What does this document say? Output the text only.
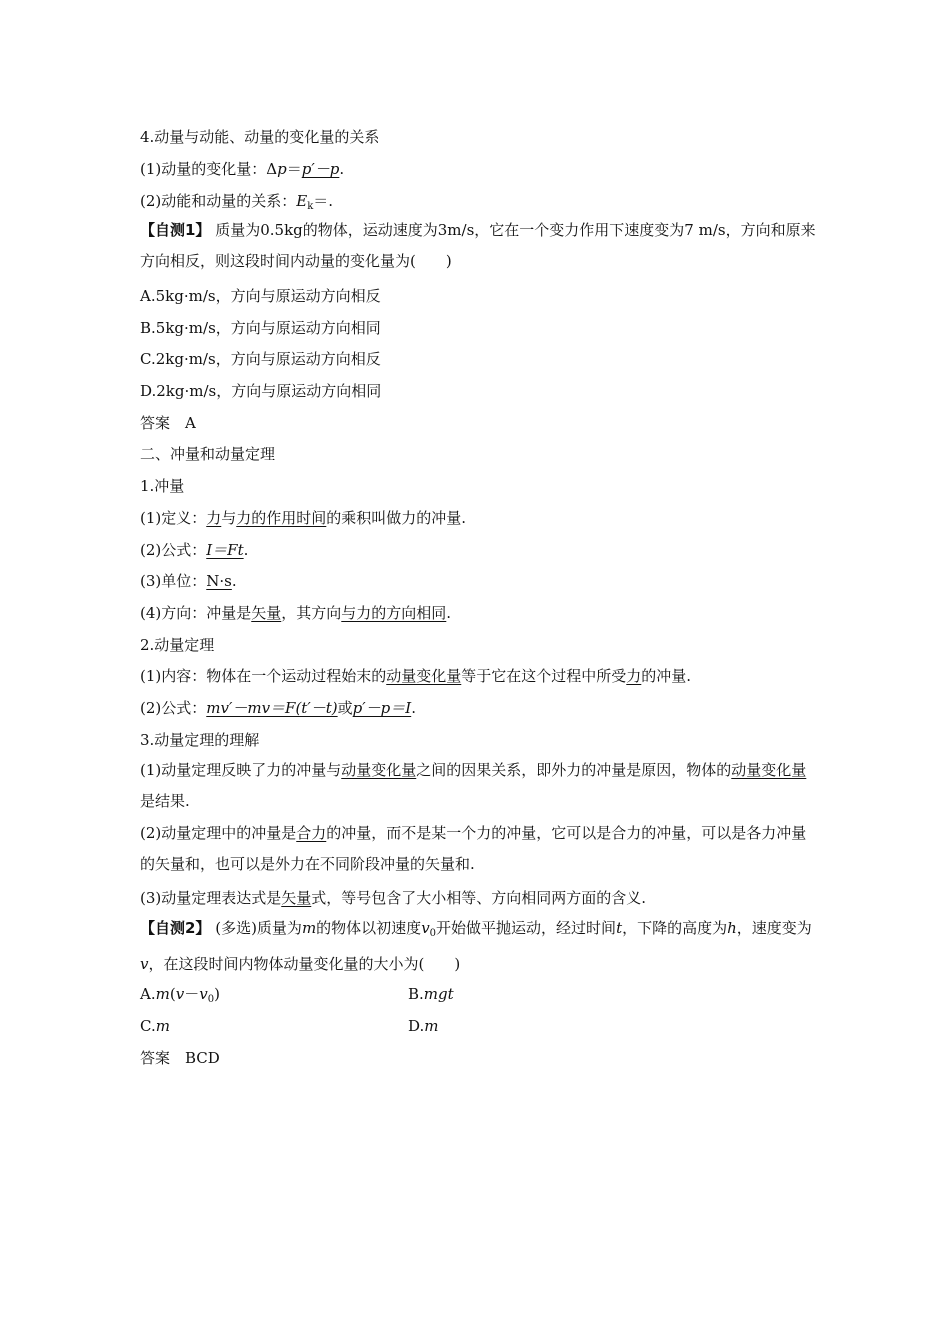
4.动量与动能、动量的变化量的关系
(1)动量的变化量：Δp＝p′－p.
(2)动能和动量的关系：$E_k=$.
【自测1】 质量为0.5kg的物体，运动速度为3m/s，它在一个变力作用下速度变为7 m/s，方向和原来方向相反，则这段时间内动量的变化量为(　　)
A.5kg·m/s，方向与原运动方向相反
B.5kg·m/s，方向与原运动方向相同
C.2kg·m/s，方向与原运动方向相反
D.2kg·m/s，方向与原运动方向相同
答案　A
二、冲量和动量定理
1.冲量
(1)定义：力与力的作用时间的乘积叫做力的冲量.
(2)公式：I＝Ft.
(3)单位：N·s.
(4)方向：冲量是矢量，其方向与力的方向相同.
2.动量定理
(1)内容：物体在一个运动过程始末的动量变化量等于它在这个过程中所受力的冲量.
(2)公式：mv′－mv＝F(t′－t)或p′－p＝I.
3.动量定理的理解
(1)动量定理反映了力的冲量与动量变化量之间的因果关系，即外力的冲量是原因，物体的动量变化量是结果.
(2)动量定理中的冲量是合力的冲量，而不是某一个力的冲量，它可以是合力的冲量，可以是各力冲量的矢量和，也可以是外力在不同阶段冲量的矢量和.
(3)动量定理表达式是矢量式，等号包含了大小相等、方向相同两方面的含义.
【自测2】 (多选)质量为m的物体以初速度$v_0$开始做平抛运动，经过时间t，下降的高度为h，速度变为v，在这段时间内物体动量变化量的大小为(　　)
$A.m(v-v_0)$	B.mgt
C.m	D.m
答案　BCD
